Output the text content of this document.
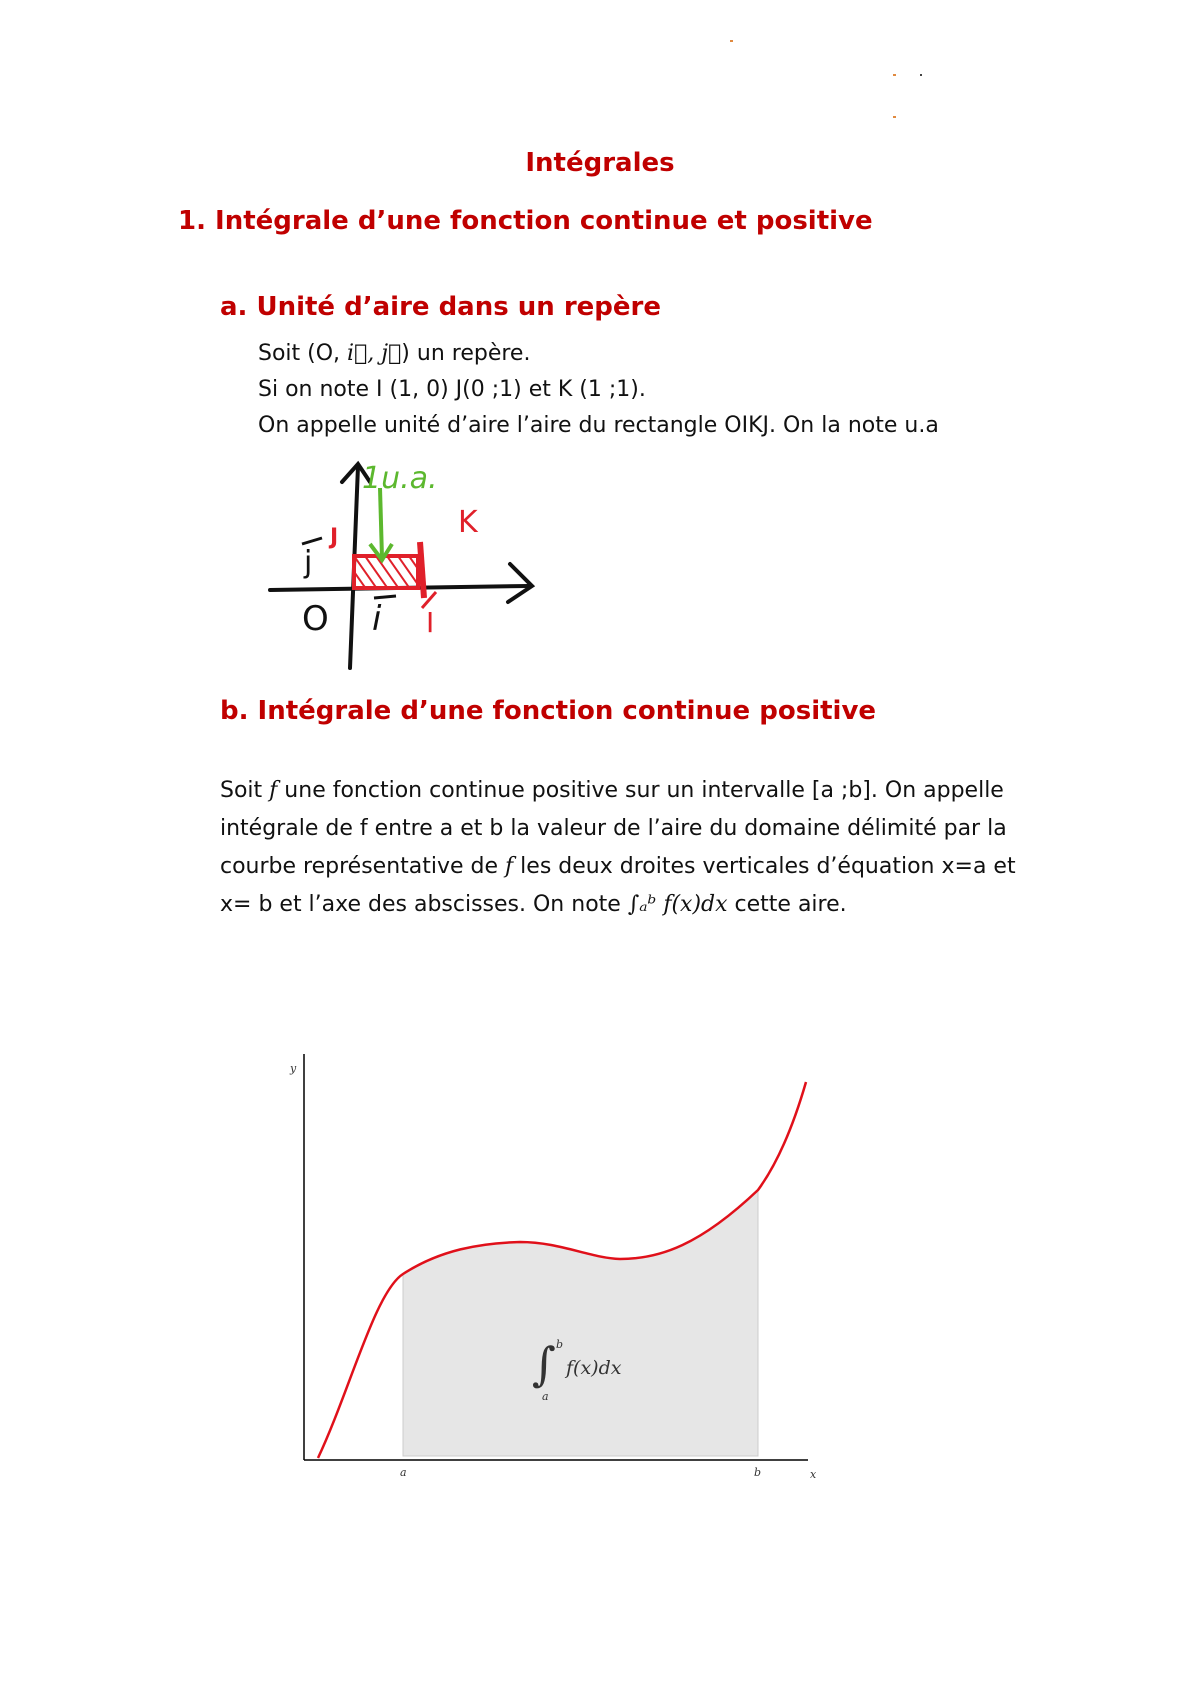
Intégrales
1. Intégrale d’une fonction continue et positive
a. Unité d’aire dans un repère
Soit (O, i⃗, j⃗) un repère.
Si on note I (1, 0) J(0 ;1) et K (1 ;1).
On appelle unité d’aire l’aire du rectangle OIKJ. On la note u.a
1u.a.
K
J
j
O i I
b. Intégrale d’une fonction continue positive
Soit f une fonction continue positive sur un intervalle [a ;b]. On appelle intégrale de f entre a et b la valeur de l’aire du domaine délimité par la courbe représentative de f les deux droites verticales d’équation x=a et x= b et l’axe des abscisses. On note ∫ₐᵇ f(x)dx cette aire.
y
x
a	b
∫ b
a
f(x)dx
